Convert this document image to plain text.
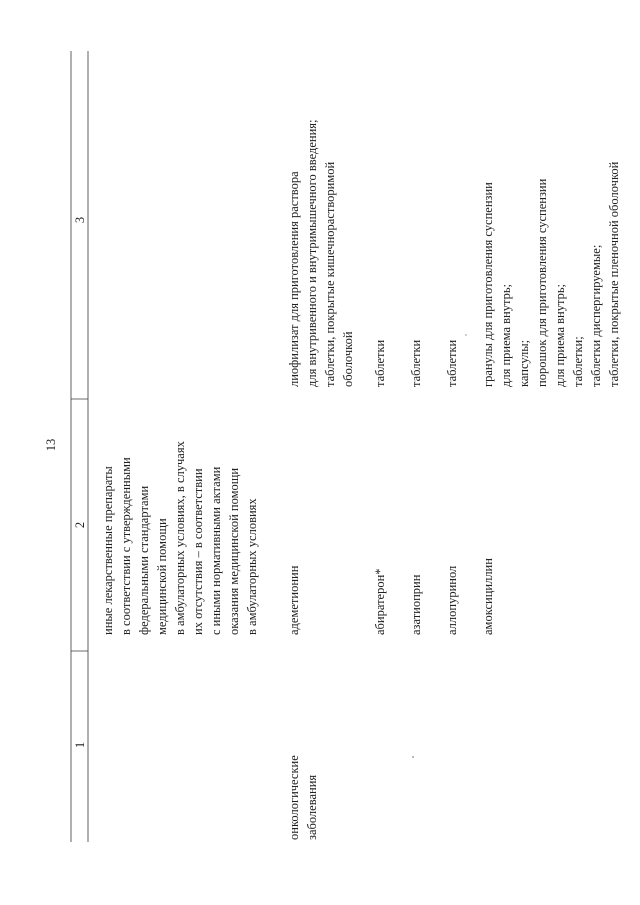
13
1
2
3
иные лекарственные препараты в соответствии с утвержденными федеральными стандартами медицинской помощи в амбулаторных условиях, в случаях их отсутствия – в соответствии с иными нормативными актами оказания медицинской помощи в амбулаторных условиях
онкологические заболевания
адеметионин
лиофилизат для приготовления раствора для внутривенного и внутримышечного введения; таблетки, покрытые кишечнорастворимой оболочкой
абиратерон*
таблетки
азатиоприн
таблетки
аллопуринол
таблетки
амоксициллин
гранулы для приготовления суспензии для приема внутрь; капсулы; порошок для приготовления суспензии для приема внутрь; таблетки; таблетки диспергируемые; таблетки, покрытые пленочной оболочкой
